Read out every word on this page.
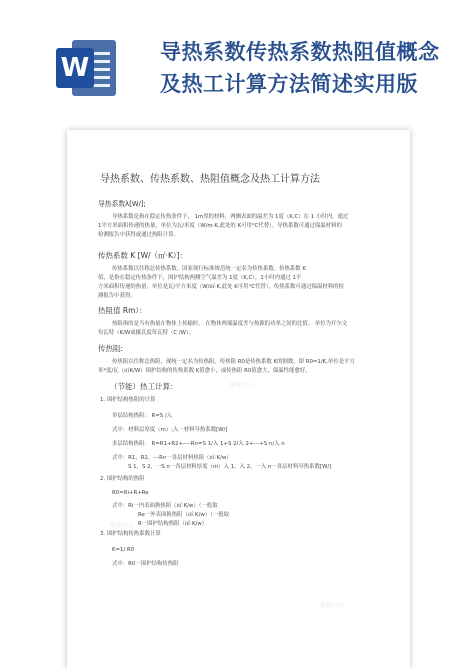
W
导热系数传热系数热阻值概念及热工计算方法简述实用版
熊猫办公
熊猫办公
熊猫办公
导热系数、传热系数、热阻值概念及热工计算方法
导热系数λ[W/];
导热系数是指在稳定传热条件下， 1m厚的材料，两侧表面的温差为 1度（K,C）在 1 小时内，通过
1平方米面积传递的热量，单位为瓦/米度（W/m·K,此处的 K可用°C代替）。导热系数可通过保温材料的
检测报告中获得或通过热阻计算。
传热系数 K [W/（㎡·K）]：
传热系数以往称总传热系数。国家现行标准规范统一定名为传热系数。传热系数 K
值，是指在稳定传热条件下，围护结构两侧空气温差为 1度（K,C），1小时内通过 1平
方米面积传递的热量，单位是瓦/平方米度（W/㎡·K,此处 K可用°C代替），传热系数可通过保温材料的检
测报告中获得。
热阻值 Rm）：
热阻指的是当有热量在物体上传输时， 在物体两端温度差与热源的功率之间的比值。 单位为开尔文
每瓦特（K/W或摄氏度每瓦特（C /W）。
传热阻:
传热阻以往称总热阻，现统一定名为传热阻。传热阻 R0是传热系数 K的倒数，即 R0=1/K,单位是平方
米*度/瓦（㎡K/W）围护结构的传热系数 K值愈小，或传热阻 R0值愈大，保温性能愈好。
（节能）热工计算：
1. 围护结构热阻的计算
单层结构热阻： R=S /入
式中：材料层厚度（m）;入一材料导热系数[W/]
多层结构热阻： R=R1+R2+----Rn=S 1/入 1+S 2/入 2+---+S n/入 n
式中：R1，R2，---Rn一各层材料热阻（㎡·K/w）
S 1，S 2，一S n一各层材料厚度（m）入 1，入 2，一入 n一各层材料导热系数[W/]
2. 围护结构的热阻
R0=Ri+R+Re
式中：Ri一内表面换热阻（㎡·K/w）（一般取
Re一外表面换热阻（㎡·K/w）（一般取
R一围护结构热阻（㎡·K/w）
3. 围护结构传热系数计算
K=1/ R0
式中：R0一围护结构传热阻
